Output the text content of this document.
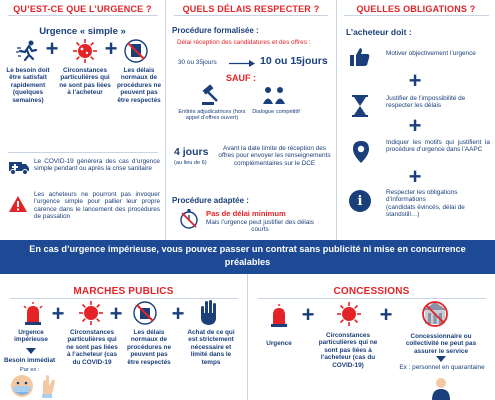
QU’EST-CE QUE L’URGENCE ?
Urgence « simple »
+ +
Le besoin doit être satisfait rapidement (quelques semaines)
Circonstances particulières qui ne sont pas liées à l’acheteur
Les délais normaux de procédures ne peuvent pas être respectés
Le COVID-19 générera des cas d’urgence simple pendant ou après la crise sanitaire
Les acheteurs ne pourront pas invoquer l’urgence simple pour pallier leur propre carence dans le lancement des procédures de passation
QUELS DÉLAIS RESPECTER ?
Procédure formalisée :
Délai réception des candidatures et des offres :
30 ou 35jours	10 ou 15jours
SAUF :
Entités adjudicatrices (hors appel d’offres ouvert)
Dialogue compétitif
4 jours
(au lieu de 6)
Avant la date limite de réception des offres pour envoyer les renseignements complémentaires sur le DCE
Procédure adaptée :
Pas de délai minimum
Mais l’urgence peut justifier des délais courts
QUELLES OBLIGATIONS ?
L’acheteur doit :
Motiver objectivement l’urgence
+
Justifier de l’impossibilité de respecter les délais
+
Indiquer les motifs qui justifient la procédure d’urgence dans l’AAPC
+
i
Respecter les obligations d’informations
(candidats évincés, délai de standstill…)
En cas d’urgence impérieuse, vous pouvez passer un contrat sans publicité ni mise en concurrence préalables
MARCHES PUBLICS
+ + +
Urgence impérieuse
Circonstances particulières qui ne sont pas liées à l’acheteur (cas du COVID-19
Les délais normaux de procédures ne peuvent pas être respectés
Achat de ce qui est strictement nécessaire et limité dans le temps
Besoin immédiat
Par ex :
CONCESSIONS
+	+
Urgence
Circonstances particulières qui ne sont pas liées à l’acheteur (cas du COVID-19)
Concessionnaire ou collectivité ne peut pas assurer le service
Ex : personnel en quarantaine
